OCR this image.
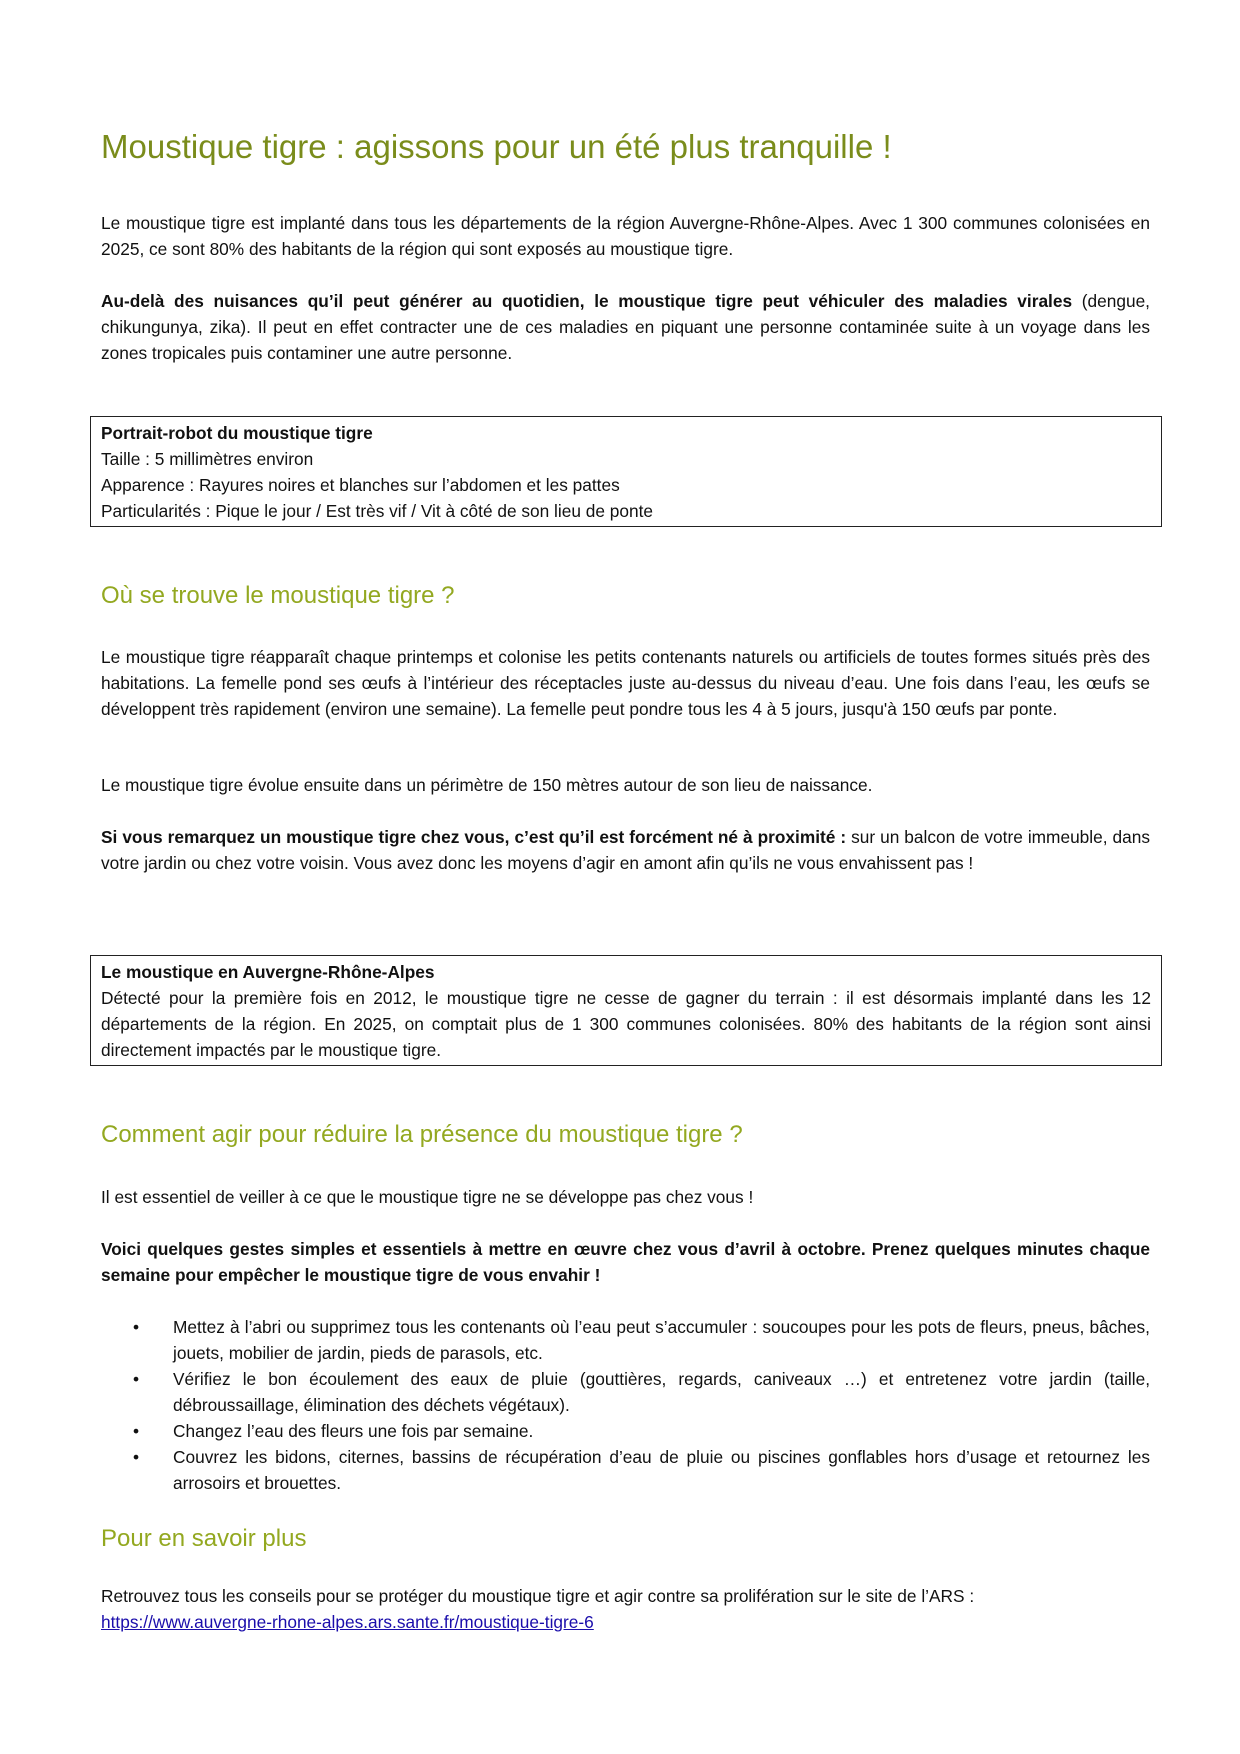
Moustique tigre : agissons pour un été plus tranquille !
Le moustique tigre est implanté dans tous les départements de la région Auvergne-Rhône-Alpes. Avec 1 300 communes colonisées en 2025, ce sont 80% des habitants de la région qui sont exposés au moustique tigre.
Au-delà des nuisances qu’il peut générer au quotidien, le moustique tigre peut véhiculer des maladies virales (dengue, chikungunya, zika). Il peut en effet contracter une de ces maladies en piquant une personne contaminée suite à un voyage dans les zones tropicales puis contaminer une autre personne.
Portrait-robot du moustique tigre
Taille : 5 millimètres environ
Apparence : Rayures noires et blanches sur l’abdomen et les pattes
Particularités : Pique le jour / Est très vif / Vit à côté de son lieu de ponte
Où se trouve le moustique tigre ?
Le moustique tigre réapparaît chaque printemps et colonise les petits contenants naturels ou artificiels de toutes formes situés près des habitations. La femelle pond ses œufs à l’intérieur des réceptacles juste au-dessus du niveau d’eau. Une fois dans l’eau, les œufs se développent très rapidement (environ une semaine). La femelle peut pondre tous les 4 à 5 jours, jusqu'à 150 œufs par ponte.
Le moustique tigre évolue ensuite dans un périmètre de 150 mètres autour de son lieu de naissance.
Si vous remarquez un moustique tigre chez vous, c’est qu’il est forcément né à proximité : sur un balcon de votre immeuble, dans votre jardin ou chez votre voisin. Vous avez donc les moyens d’agir en amont afin qu’ils ne vous envahissent pas !
Le moustique en Auvergne-Rhône-Alpes
Détecté pour la première fois en 2012, le moustique tigre ne cesse de gagner du terrain : il est désormais implanté dans les 12 départements de la région. En 2025, on comptait plus de 1 300 communes colonisées. 80% des habitants de la région sont ainsi directement impactés par le moustique tigre.
Comment agir pour réduire la présence du moustique tigre ?
Il est essentiel de veiller à ce que le moustique tigre ne se développe pas chez vous !
Voici quelques gestes simples et essentiels à mettre en œuvre chez vous d’avril à octobre. Prenez quelques minutes chaque semaine pour empêcher le moustique tigre de vous envahir !
• Mettez à l’abri ou supprimez tous les contenants où l’eau peut s’accumuler : soucoupes pour les pots de fleurs, pneus, bâches, jouets, mobilier de jardin, pieds de parasols, etc.
• Vérifiez le bon écoulement des eaux de pluie (gouttières, regards, caniveaux …) et entretenez votre jardin (taille, débroussaillage, élimination des déchets végétaux).
• Changez l’eau des fleurs une fois par semaine.
• Couvrez les bidons, citernes, bassins de récupération d’eau de pluie ou piscines gonflables hors d’usage et retournez les arrosoirs et brouettes.
Pour en savoir plus
Retrouvez tous les conseils pour se protéger du moustique tigre et agir contre sa prolifération sur le site de l’ARS :
https://www.auvergne-rhone-alpes.ars.sante.fr/moustique-tigre-6
